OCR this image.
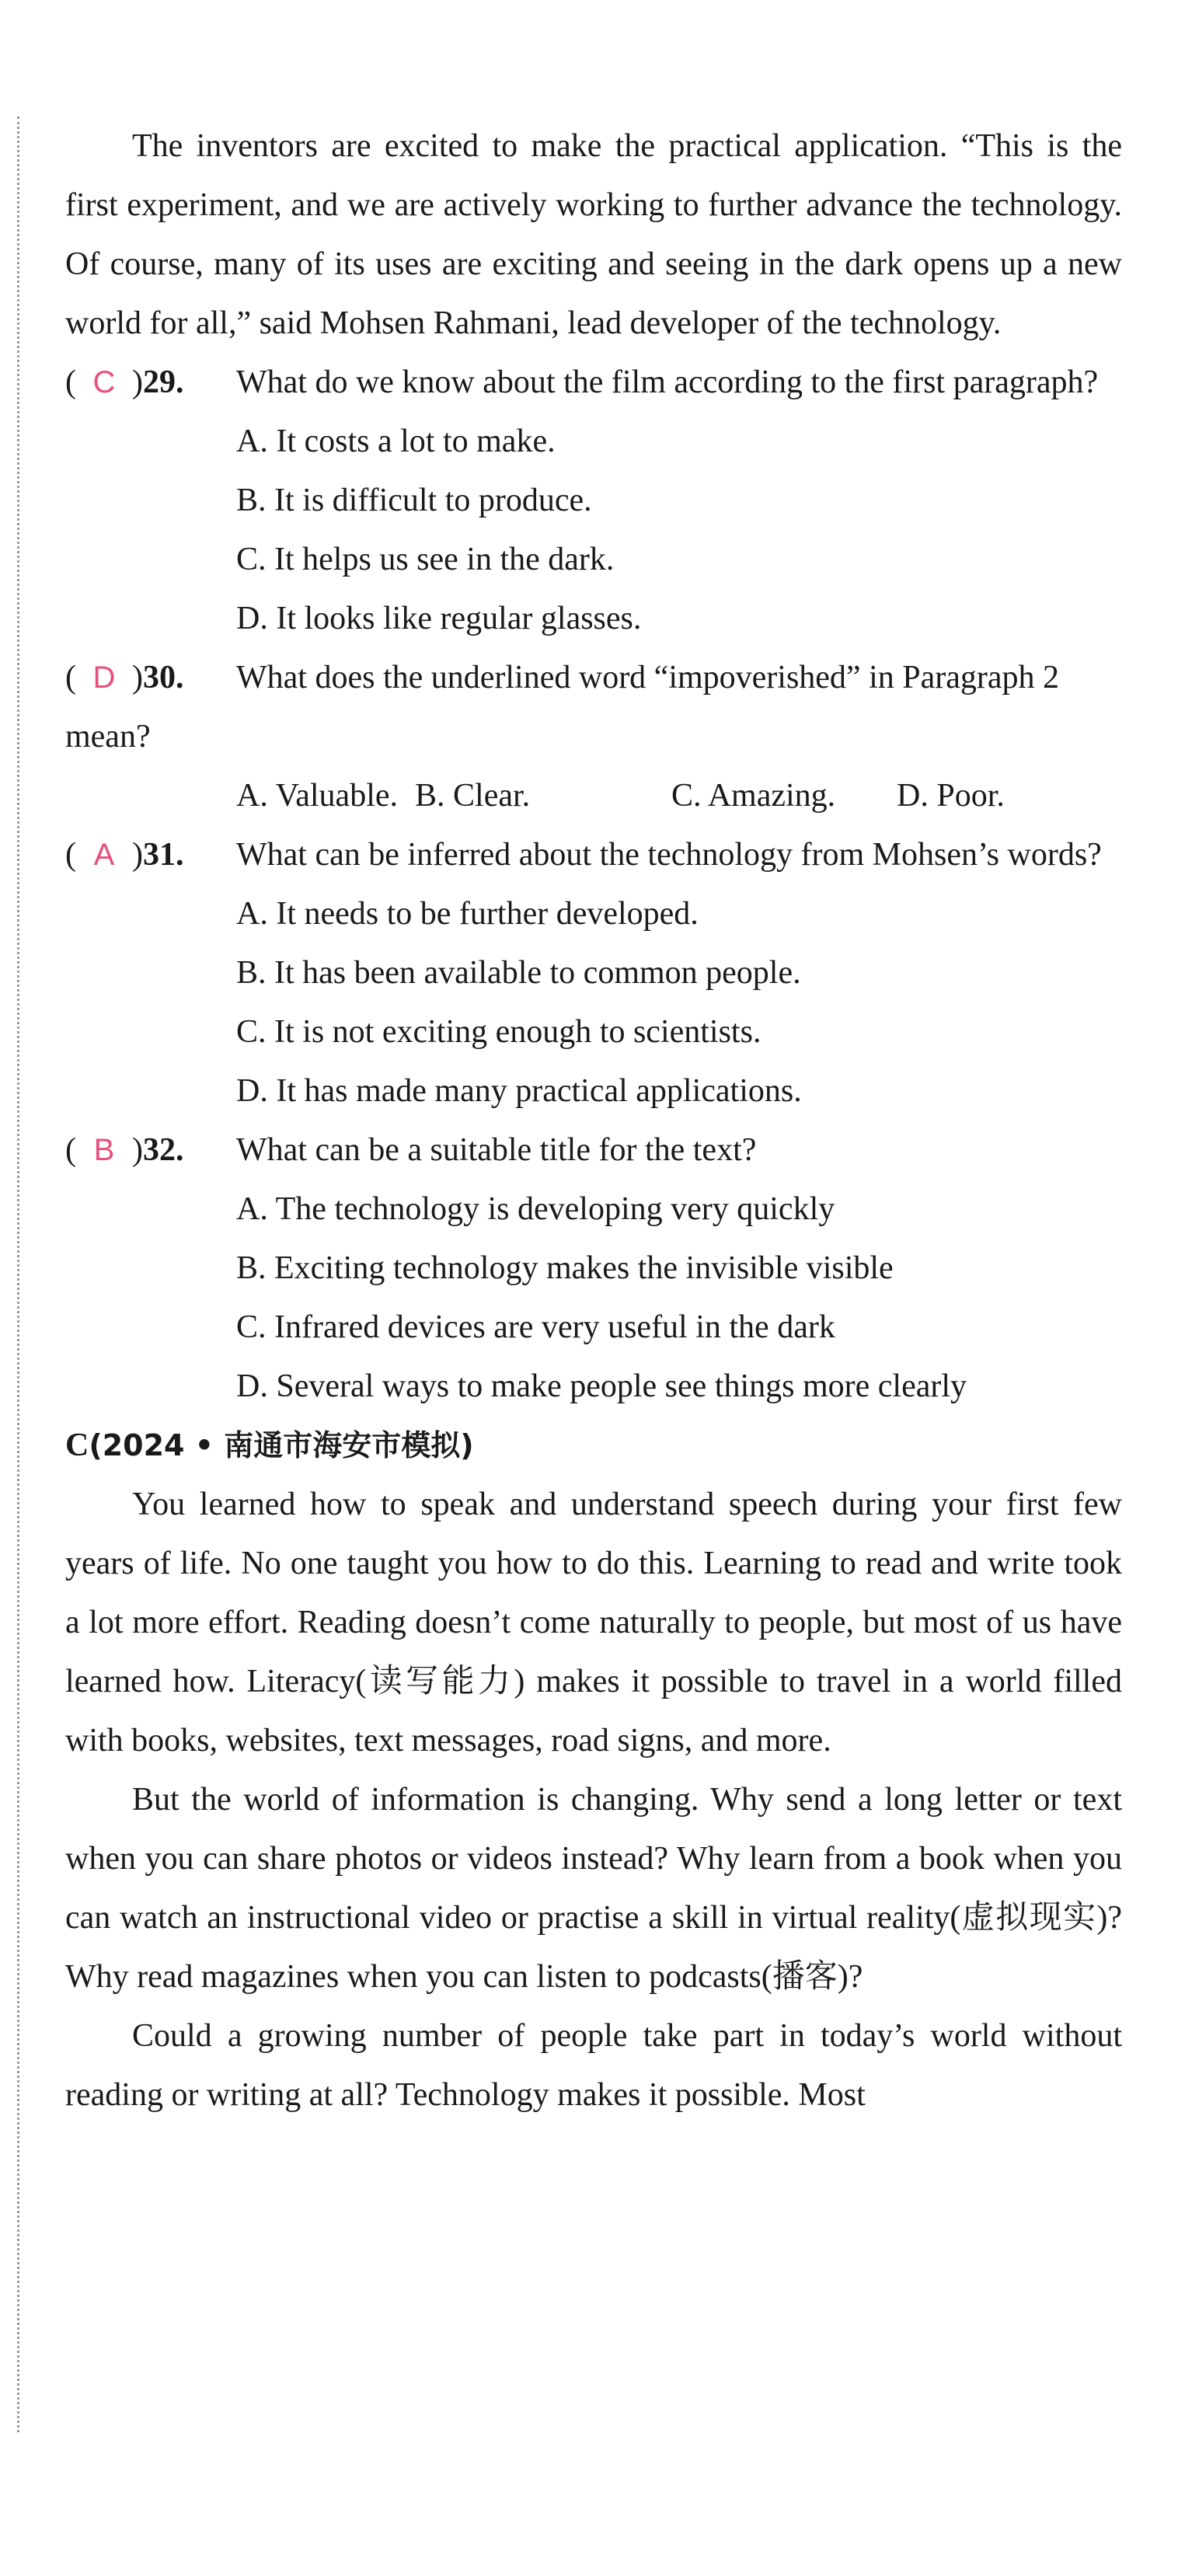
The inventors are excited to make the practical application. “This is the first experiment, and we are actively working to further advance the technology. Of course, many of its uses are exciting and seeing in the dark opens up a new world for all,” said Mohsen Rahmani, lead developer of the technology.

( C )29. What do we know about the film according to the first paragraph?

A. It costs a lot to make.

B. It is difficult to produce.

C. It helps us see in the dark.

D. It looks like regular glasses.

( D )30. What does the underlined word “impoverished” in Paragraph 2

mean?

A. Valuable. B. Clear.	C. Amazing.	D. Poor.
( A )31. What can be inferred about the technology from Mohsen’s words?

A. It needs to be further developed.

B. It has been available to common people.

C. It is not exciting enough to scientists.

D. It has made many practical applications.

( B )32. What can be a suitable title for the text?

A. The technology is developing very quickly

B. Exciting technology makes the invisible visible

C. Infrared devices are very useful in the dark

D. Several ways to make people see things more clearly

C(2024 • 南通市海安市模拟)

You learned how to speak and understand speech during your first few years of life. No one taught you how to do this. Learning to read and write took a lot more effort. Reading doesn’t come naturally to people, but most of us have learned how. Literacy(读写能力) makes it possible to travel in a world filled with books, websites, text messages, road signs, and more.

But the world of information is changing. Why send a long letter or text when you can share photos or videos instead? Why learn from a book when you can watch an instructional video or practise a skill in virtual reality(虚拟现实)? Why read magazines when you can listen to podcasts(播客)?

Could a growing number of people take part in today’s world without reading or writing at all? Technology makes it possible. Most
